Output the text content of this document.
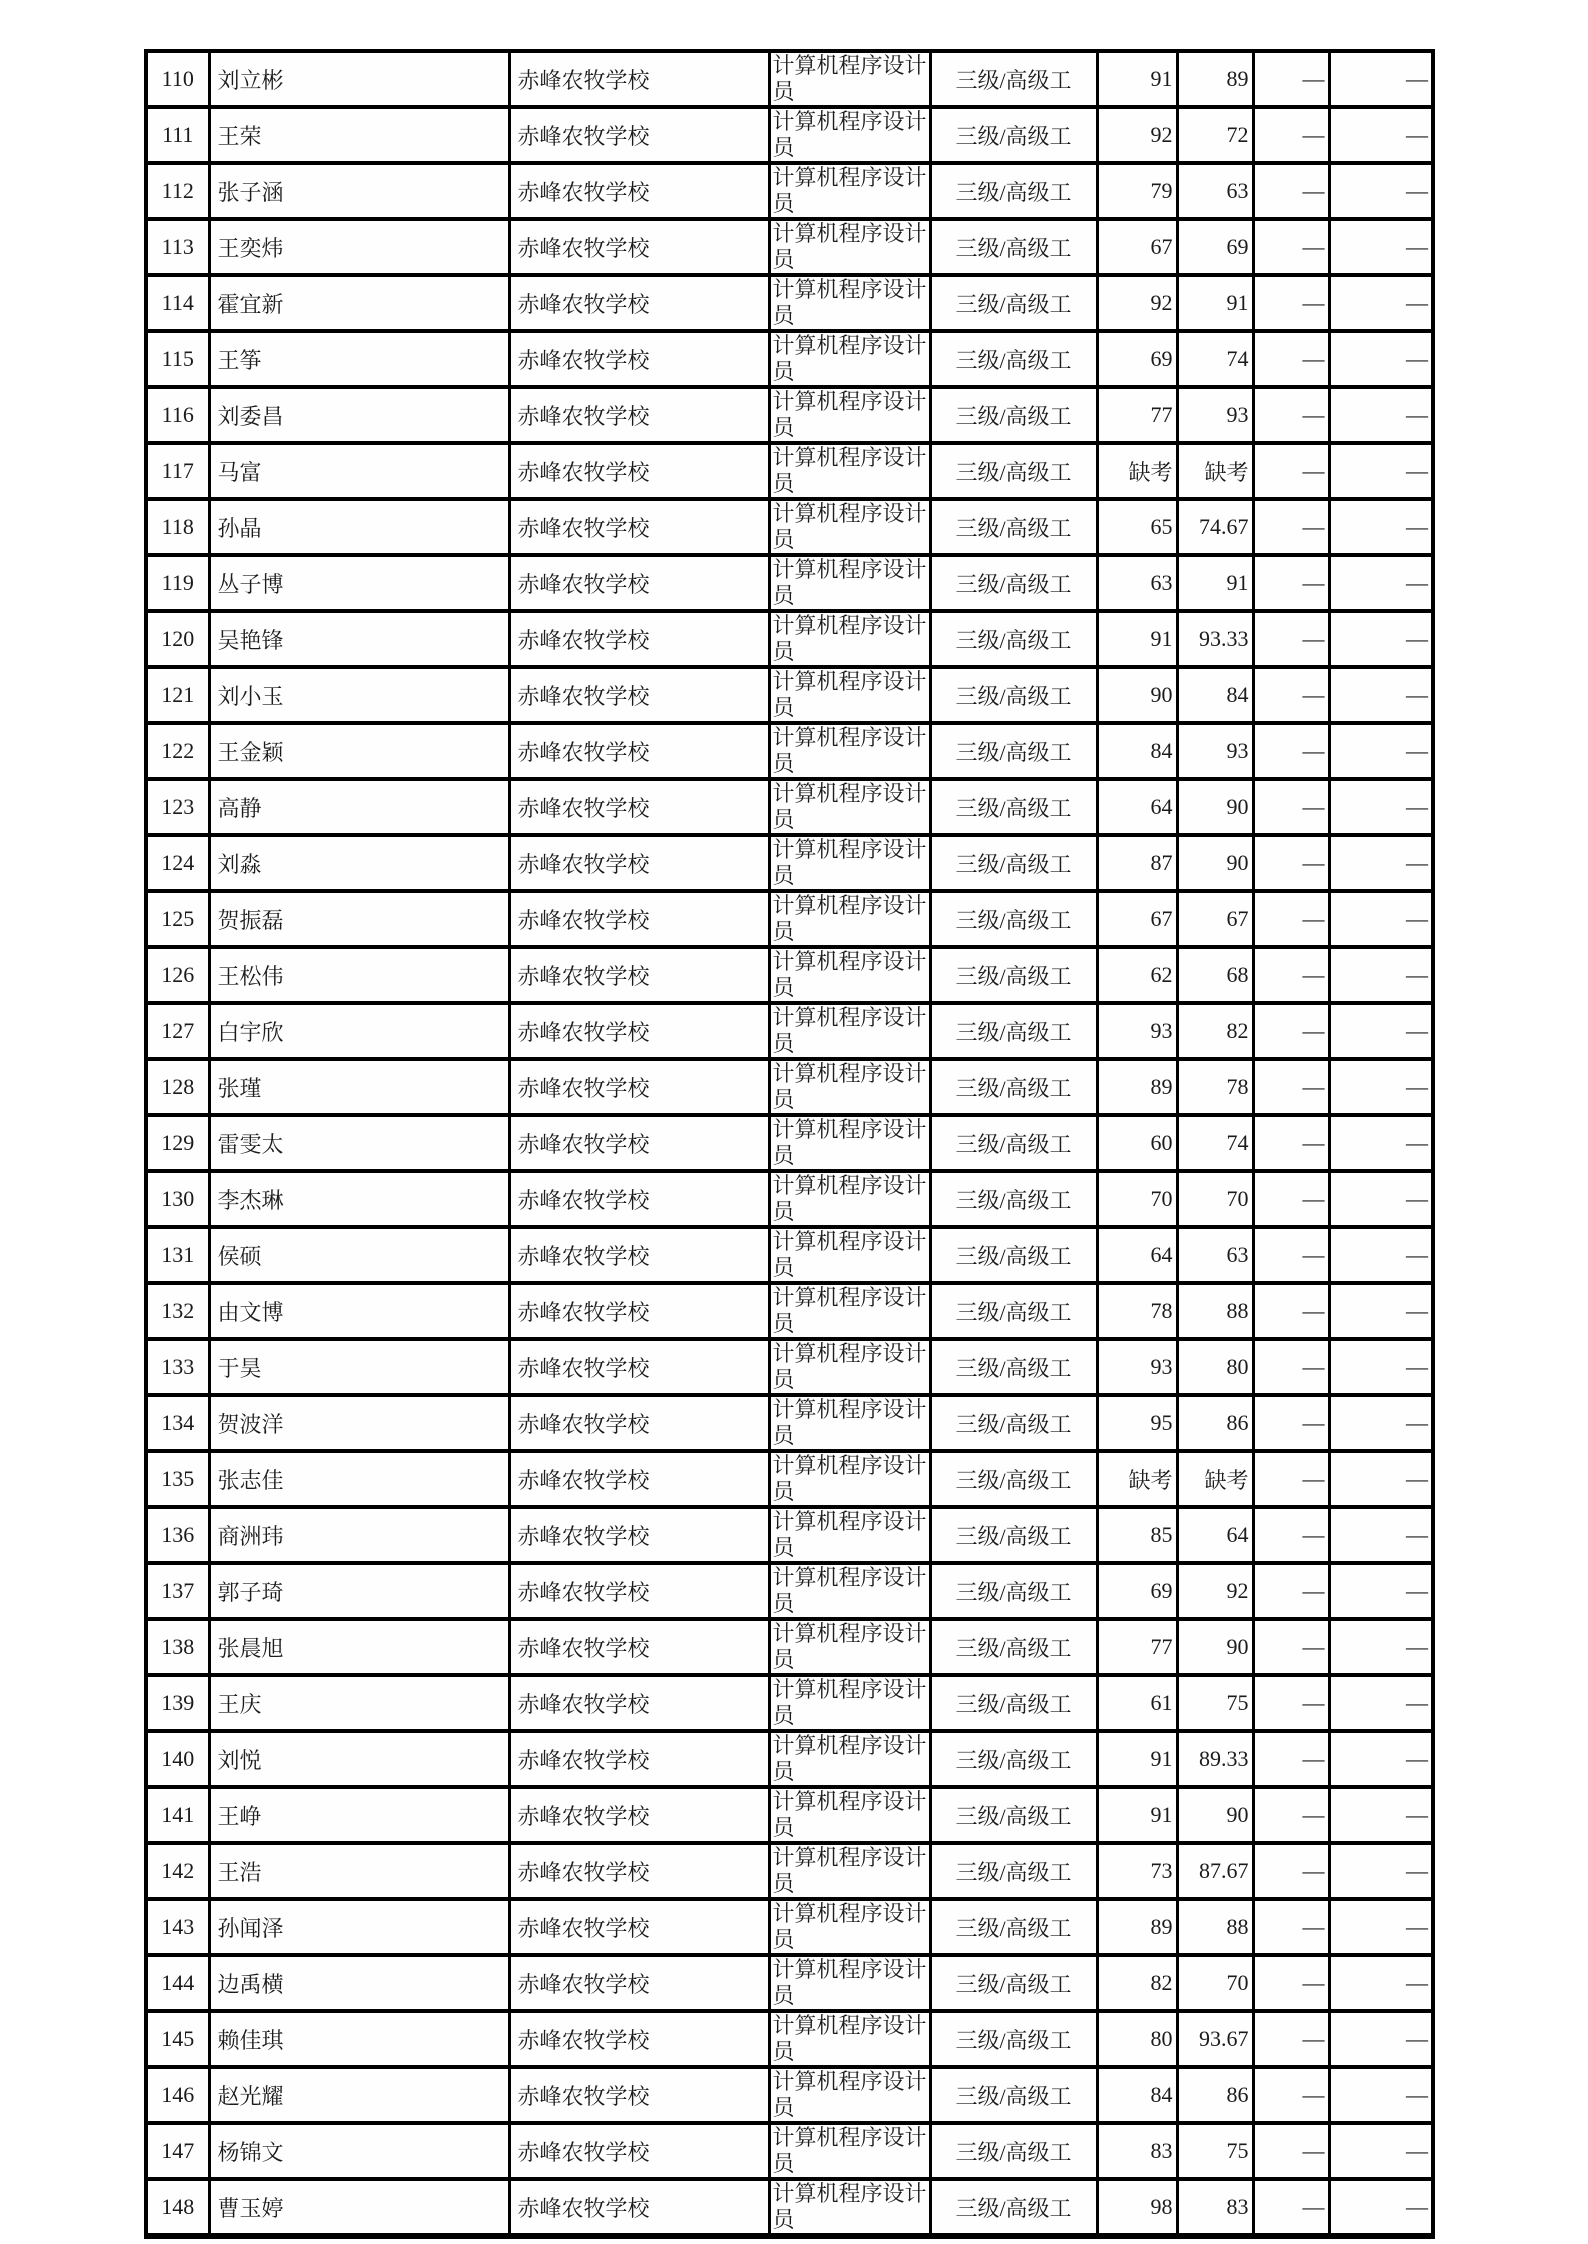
110	刘立彬	赤峰农牧学校	计算机程序设计员	三级/高级工	91	89	—	—
111	王荣	赤峰农牧学校	计算机程序设计员	三级/高级工	92	72	—	—
112	张子涵	赤峰农牧学校	计算机程序设计员	三级/高级工	79	63	—	—
113	王奕炜	赤峰农牧学校	计算机程序设计员	三级/高级工	67	69	—	—
114	霍宜新	赤峰农牧学校	计算机程序设计员	三级/高级工	92	91	—	—
115	王筝	赤峰农牧学校	计算机程序设计员	三级/高级工	69	74	—	—
116	刘委昌	赤峰农牧学校	计算机程序设计员	三级/高级工	77	93	—	—
117	马富	赤峰农牧学校	计算机程序设计员	三级/高级工	缺考	缺考	—	—
118	孙晶	赤峰农牧学校	计算机程序设计员	三级/高级工	65	74.67	—	—
119	丛子博	赤峰农牧学校	计算机程序设计员	三级/高级工	63	91	—	—
120	吴艳锋	赤峰农牧学校	计算机程序设计员	三级/高级工	91	93.33	—	—
121	刘小玉	赤峰农牧学校	计算机程序设计员	三级/高级工	90	84	—	—
122	王金颖	赤峰农牧学校	计算机程序设计员	三级/高级工	84	93	—	—
123	高静	赤峰农牧学校	计算机程序设计员	三级/高级工	64	90	—	—
124	刘淼	赤峰农牧学校	计算机程序设计员	三级/高级工	87	90	—	—
125	贺振磊	赤峰农牧学校	计算机程序设计员	三级/高级工	67	67	—	—
126	王松伟	赤峰农牧学校	计算机程序设计员	三级/高级工	62	68	—	—
127	白宇欣	赤峰农牧学校	计算机程序设计员	三级/高级工	93	82	—	—
128	张瑾	赤峰农牧学校	计算机程序设计员	三级/高级工	89	78	—	—
129	雷雯太	赤峰农牧学校	计算机程序设计员	三级/高级工	60	74	—	—
130	李杰琳	赤峰农牧学校	计算机程序设计员	三级/高级工	70	70	—	—
131	侯硕	赤峰农牧学校	计算机程序设计员	三级/高级工	64	63	—	—
132	由文博	赤峰农牧学校	计算机程序设计员	三级/高级工	78	88	—	—
133	于昊	赤峰农牧学校	计算机程序设计员	三级/高级工	93	80	—	—
134	贺波洋	赤峰农牧学校	计算机程序设计员	三级/高级工	95	86	—	—
135	张志佳	赤峰农牧学校	计算机程序设计员	三级/高级工	缺考	缺考	—	—
136	商洲玮	赤峰农牧学校	计算机程序设计员	三级/高级工	85	64	—	—
137	郭子琦	赤峰农牧学校	计算机程序设计员	三级/高级工	69	92	—	—
138	张晨旭	赤峰农牧学校	计算机程序设计员	三级/高级工	77	90	—	—
139	王庆	赤峰农牧学校	计算机程序设计员	三级/高级工	61	75	—	—
140	刘悦	赤峰农牧学校	计算机程序设计员	三级/高级工	91	89.33	—	—
141	王峥	赤峰农牧学校	计算机程序设计员	三级/高级工	91	90	—	—
142	王浩	赤峰农牧学校	计算机程序设计员	三级/高级工	73	87.67	—	—
143	孙闻泽	赤峰农牧学校	计算机程序设计员	三级/高级工	89	88	—	—
144	边禹横	赤峰农牧学校	计算机程序设计员	三级/高级工	82	70	—	—
145	赖佳琪	赤峰农牧学校	计算机程序设计员	三级/高级工	80	93.67	—	—
146	赵光耀	赤峰农牧学校	计算机程序设计员	三级/高级工	84	86	—	—
147	杨锦文	赤峰农牧学校	计算机程序设计员	三级/高级工	83	75	—	—
148	曹玉婷	赤峰农牧学校	计算机程序设计员	三级/高级工	98	83	—	—
